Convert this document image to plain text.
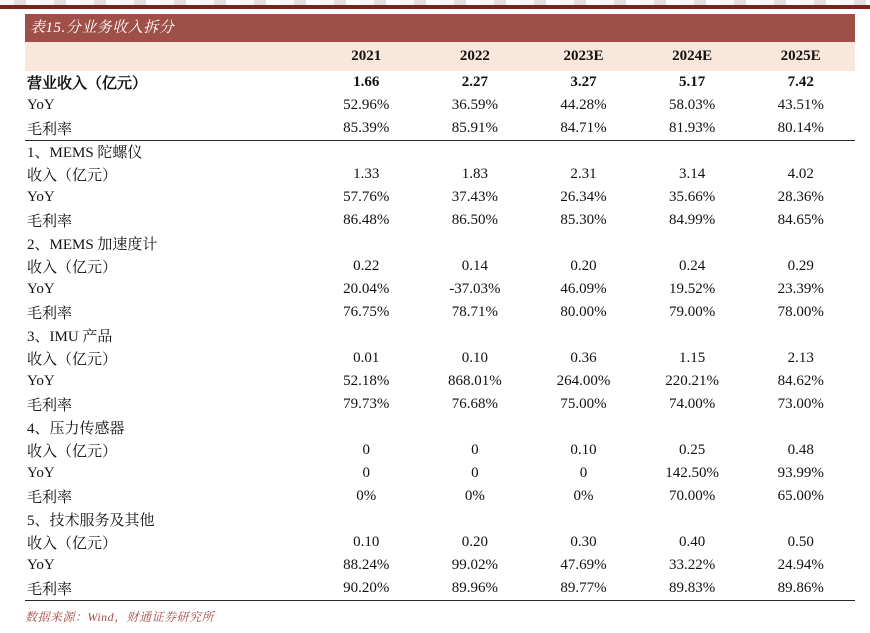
表15.分业务收入拆分
	2021	2022	2023E	2024E	2025E
营业收入（亿元）	1.66	2.27	3.27	5.17	7.42
YoY	52.96%	36.59%	44.28%	58.03%	43.51%
毛利率	85.39%	85.91%	84.71%	81.93%	80.14%
1、MEMS 陀螺仪					
收入（亿元）	1.33	1.83	2.31	3.14	4.02
YoY	57.76%	37.43%	26.34%	35.66%	28.36%
毛利率	86.48%	86.50%	85.30%	84.99%	84.65%
2、MEMS 加速度计					
收入（亿元）	0.22	0.14	0.20	0.24	0.29
YoY	20.04%	-37.03%	46.09%	19.52%	23.39%
毛利率	76.75%	78.71%	80.00%	79.00%	78.00%
3、IMU 产品					
收入（亿元）	0.01	0.10	0.36	1.15	2.13
YoY	52.18%	868.01%	264.00%	220.21%	84.62%
毛利率	79.73%	76.68%	75.00%	74.00%	73.00%
4、压力传感器					
收入（亿元）	0	0	0.10	0.25	0.48
YoY	0	0	0	142.50%	93.99%
毛利率	0%	0%	0%	70.00%	65.00%
5、技术服务及其他					
收入（亿元）	0.10	0.20	0.30	0.40	0.50
YoY	88.24%	99.02%	47.69%	33.22%	24.94%
毛利率	90.20%	89.96%	89.77%	89.83%	89.86%
数据来源：Wind，财通证券研究所
